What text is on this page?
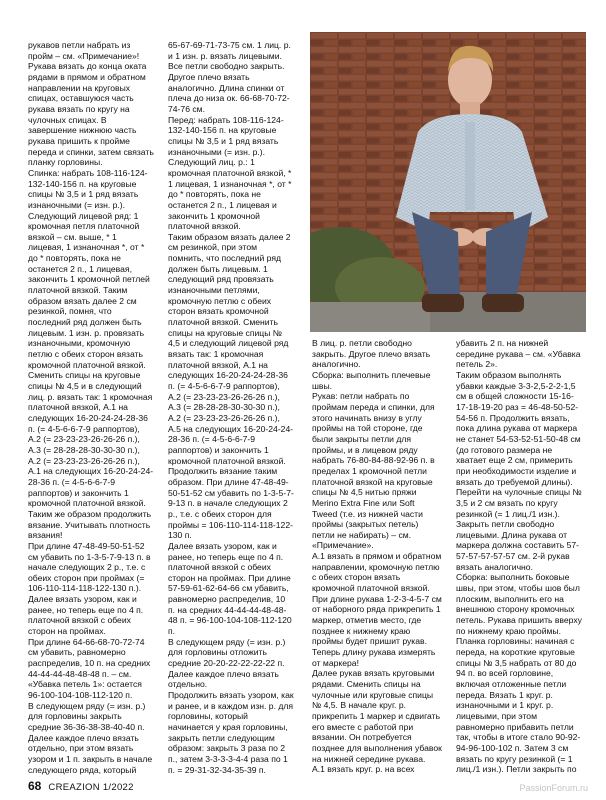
рукавов петли набрать из пройм – см. «Примечание»! Рукава вязать до конца оката рядами в прямом и обратном направлении на круговых спицах, оставшуюся часть рукава вязать по кругу на чулочных спицах. В завершение нижнюю часть рукава пришить к пройме переда и спинки, затем связать планку горловины.
Спинка: набрать 108-116-124-132-140-156 п. на круговые спицы № 3,5 и 1 ряд вязать изнаночными (= изн. р.).
Следующий лицевой ряд: 1 кромочная петля платочной вязкой – см. выше, * 1 лицевая, 1 изнаночная *, от * до * повторять, пока не останется 2 п., 1 лицевая, закончить 1 кромочной петлей платочной вязкой. Таким образом вязать далее 2 см резинкой, помня, что последний ряд должен быть лицевым. 1 изн. р. провязать изнаночными, кромочную петлю с обеих сторон вязать кромочной платочной вязкой. Сменить спицы на круговые спицы № 4,5 и в следующий лиц. р. вязать так: 1 кромочная платочной вязкой, А.1 на следующих 16-20-24-24-28-36 п. (= 4-5-6-6-7-9 раппортов), А.2 (= 23-23-23-26-26-26 п.), А.3 (= 28-28-28-30-30-30 п.), А.2 (= 23-23-23-26-26-26 п.), А.1 на следующих 16-20-24-24-28-36 п. (= 4-5-6-6-7-9 раппортов) и закончить 1 кромочной платочной вязкой. Таким же образом продолжить вязание. Учитывать плотность вязания!
При длине 47-48-49-50-51-52 см убавить по 1-3-5-7-9-13 п. в начале следующих 2 р., т.е. с обеих сторон при проймах (= 106-110-114-118-122-130 п.). Далее вязать узором, как и ранее, но теперь еще по 4 п. платочной вязкой с обеих сторон на проймах.
При длине 64-66-68-70-72-74 см убавить, равномерно распределив, 10 п. на средних 44-44-44-48-48-48 п. – см. «Убавка петель 1»: остается 96-100-104-108-112-120 п.
В следующем ряду (= изн. р.) для горловины закрыть средние 36-36-38-38-40-40 п. Далее каждое плечо вязать отдельно, при этом вязать узором и 1 п. закрыть в начале следующего ряда, который

65-67-69-71-73-75 см. 1 лиц. р. и 1 изн. р. вязать лицевыми. Все петли свободно закрыть.
Другое плечо вязать аналогично. Длина спинки от плеча до низа ок. 66-68-70-72-74-76 см.
Перед: набрать 108-116-124-132-140-156 п. на круговые спицы № 3,5 и 1 ряд вязать изнаночными (= изн. р.). Следующий лиц. р.: 1 кромочная платочной вязкой, * 1 лицевая, 1 изнаночная *, от * до * повторять, пока не останется 2 п., 1 лицевая и закончить 1 кромочной платочной вязкой.
Таким образом вязать далее 2 см резинкой, при этом помнить, что последний ряд должен быть лицевым. 1 следующий ряд провязать изнаночными петлями, кромочную петлю с обеих сторон вязать кромочной платочной вязкой. Сменить спицы на круговые спицы № 4,5 и следующий лицевой ряд вязать так: 1 кромочная платочной вязкой, А.1 на следующих 16-20-24-24-28-36 п. (= 4-5-6-6-7-9 раппортов), А.2 (= 23-23-23-26-26-26 п.), А.3 (= 28-28-28-30-30-30 п.), А.2 (= 23-23-23-26-26-26 п.), А.5 на следующих 16-20-24-24-28-36 п. (= 4-5-6-6-7-9 раппортов) и закончить 1 кромочной платочной вязкой. Продолжить вязание таким образом. При длине 47-48-49-50-51-52 см убавить по 1-3-5-7-9-13 п. в начале следующих 2 р., т.е. с обеих сторон для проймы = 106-110-114-118-122-130 п.
Далее вязать узором, как и ранее, но теперь еще по 4 п. платочной вязкой с обеих сторон на проймах. При длине 57-59-61-62-64-66 см убавить, равномерно распределив, 10 п. на средних 44-44-44-48-48-48 п. = 96-100-104-108-112-120 п.
В следующем ряду (= изн. р.) для горловины отложить средние 20-20-22-22-22-22 п. Далее каждое плечо вязать отдельно.
Продолжить вязать узором, как и ранее, и в каждом изн. р. для горловины, который начинается у края горловины, закрыть петли следующим образом: закрыть 3 раза по 2 п., затем 3-3-3-3-4-4 раза по 1 п. = 29-31-32-34-35-39 п.

В лиц. р. петли свободно закрыть. Другое плечо вязать аналогично.
Сборка: выполнить плечевые швы.
Рукав: петли набрать по проймам переда и спинки, для этого начинать внизу в углу проймы на той стороне, где были закрыты петли для проймы, и в лицевом ряду набрать 76-80-84-88-92-96 п. в пределах 1 кромочной петли платочной вязкой на круговые спицы № 4,5 нитью пряжи Merino Extra Fine или Soft Tweed (т.е. из нижней части проймы (закрытых петель) петли не набирать) – см. «Примечание».
А.1 вязать в прямом и обратном направлении, кромочную петлю с обеих сторон вязать кромочной платочной вязкой. При длине рукава 1-2-3-4-5-7 см от наборного ряда прикрепить 1 маркер, отметив место, где позднее к нижнему краю проймы будет пришит рукав. Теперь длину рукава измерять от маркера!
Далее рукав вязать круговыми рядами. Сменить спицы на чулочные или круговые спицы № 4,5. В начале круг. р. прикрепить 1 маркер и сдвигать его вместе с работой при вязании. Он потребуется позднее для выполнения убавок на нижней середине рукава.
А.1 вязать круг. р. на всех
убавить 2 п. на нижней середине рукава – см. «Убавка петель 2».
Таким образом выполнять убавки каждые 3-3-2,5-2-2-1,5 см в общей сложности 15-16-17-18-19-20 раз = 46-48-50-52-54-56 п. Продолжить вязать, пока длина рукава от маркера не станет 54-53-52-51-50-48 см (до готового размера не хватает еще 2 см, примерить при необходимости изделие и вязать до требуемой длины). Перейти на чулочные спицы № 3,5 и 2 см вязать по кругу резинкой (= 1 лиц./1 изн.). Закрыть петли свободно лицевыми. Длина рукава от маркера должна составить 57-57-57-57-57-57 см. 2-й рукав вязать аналогично.
Сборка: выполнить боковые швы, при этом, чтобы шов был плоским, выполнить его на внешнюю сторону кромочных петель. Рукава пришить вверху по нижнему краю проймы.
Планка горловины: начиная с переда, на короткие круговые спицы № 3,5 набрать от 80 до 94 п. во всей горловине, включая отложенные петли переда. Вязать 1 круг. р. изнаночными и 1 круг. р. лицевыми, при этом равномерно прибавить петли так, чтобы в итоге стало 90-92-94-96-100-102 п. Затем 3 см вязать по кругу резинкой (= 1 лиц./1 изн.). Петли закрыть по
68 CREAZION 1/2022	PassionForum.ru
